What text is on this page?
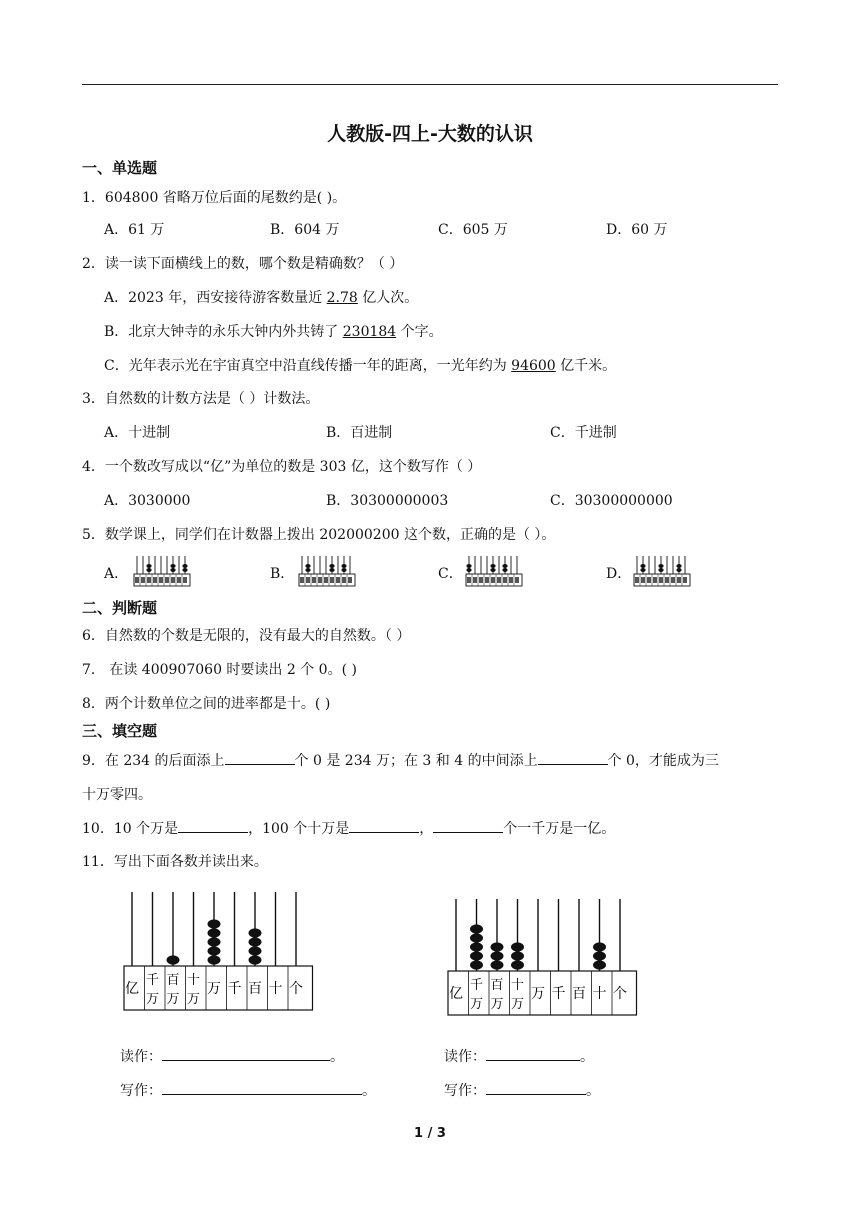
人教版-四上-大数的认识
一、单选题
1．604800 省略万位后面的尾数约是( )。
A．61 万	B．604 万	C．605 万	D．60 万
2．读一读下面横线上的数，哪个数是精确数？（ ）
A．2023 年，西安接待游客数量近 2.78 亿人次。
B．北京大钟寺的永乐大钟内外共铸了 230184 个字。
C．光年表示光在宇宙真空中沿直线传播一年的距离，一光年约为 94600 亿千米。
3．自然数的计数方法是（ ）计数法。
A．十进制	B．百进制	C．千进制
4．一个数改写成以“亿”为单位的数是 303 亿，这个数写作（ ）
A．3030000	B．30300000003	C．30300000000
5．数学课上，同学们在计数器上拨出 202000200 这个数，正确的是（ ）。
A．	B．	C．	D．
二、判断题
6．自然数的个数是无限的，没有最大的自然数。（ ）
7． 在读 400907060 时要读出 2 个 0。( )
8．两个计数单位之间的进率都是十。( )
三、填空题
9．在 234 的后面添上	个 0 是 234 万；在 3 和 4 的中间添上	个 0，才能成为三
十万零四。
10．10 个万是	，100 个十万是	，	个一千万是一亿。
11．写出下面各数并读出来。
亿
千
万
百
万
十
万
万 千 百 十 个	亿
千
万
百
万
十
万
万 千 百 十 个
读作：	。
写作：	。
读作：	。
写作：	。
1 / 3
